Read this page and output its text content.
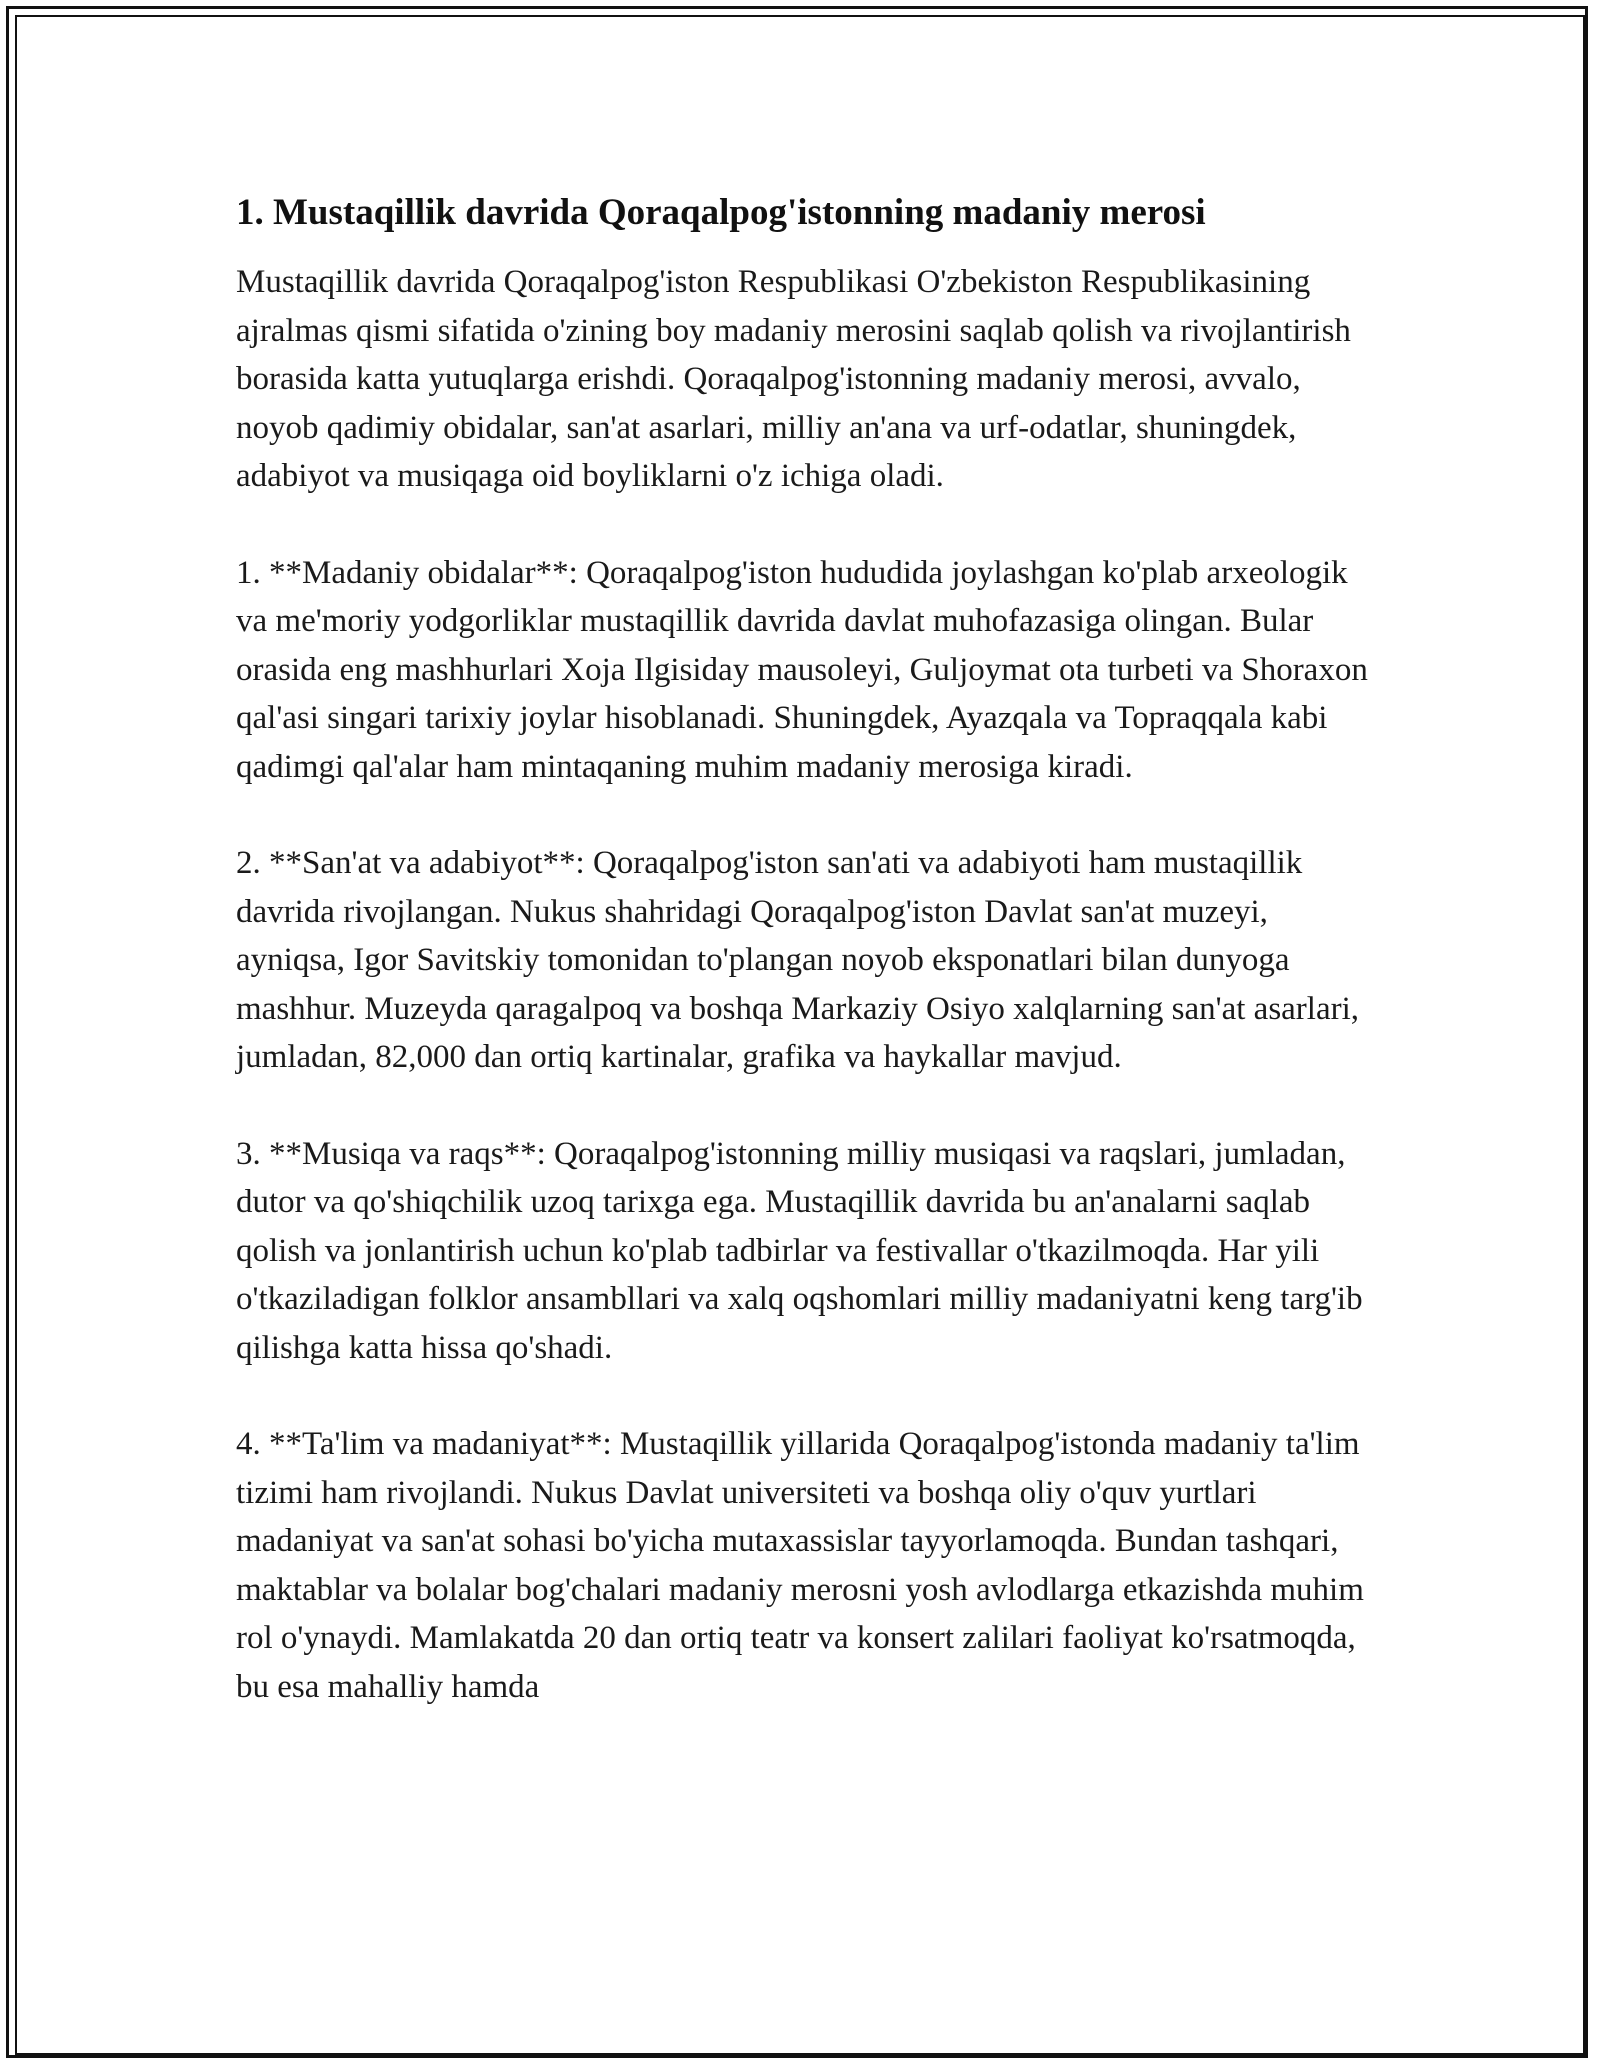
1. Mustaqillik davrida Qoraqalpog'istonning madaniy merosi

Mustaqillik davrida Qoraqalpog'iston Respublikasi O'zbekiston Respublikasining ajralmas qismi sifatida o'zining boy madaniy merosini saqlab qolish va rivojlantirish borasida katta yutuqlarga erishdi. Qoraqalpog'istonning madaniy merosi, avvalo, noyob qadimiy obidalar, san'at asarlari, milliy an'ana va urf-odatlar, shuningdek, adabiyot va musiqaga oid boyliklarni o'z ichiga oladi.

1. **Madaniy obidalar**: Qoraqalpog'iston hududida joylashgan ko'plab arxeologik va me'moriy yodgorliklar mustaqillik davrida davlat muhofazasiga olingan. Bular orasida eng mashhurlari Xoja Ilgisiday mausoleyi, Guljoymat ota turbeti va Shoraxon qal'asi singari tarixiy joylar hisoblanadi. Shuningdek, Ayazqala va Topraqqala kabi qadimgi qal'alar ham mintaqaning muhim madaniy merosiga kiradi.

2. **San'at va adabiyot**: Qoraqalpog'iston san'ati va adabiyoti ham mustaqillik davrida rivojlangan. Nukus shahridagi Qoraqalpog'iston Davlat san'at muzeyi, ayniqsa, Igor Savitskiy tomonidan to'plangan noyob eksponatlari bilan dunyoga mashhur. Muzeyda qaragalpoq va boshqa Markaziy Osiyo xalqlarning san'at asarlari, jumladan, 82,000 dan ortiq kartinalar, grafika va haykallar mavjud.

3. **Musiqa va raqs**: Qoraqalpog'istonning milliy musiqasi va raqslari, jumladan, dutor va qo'shiqchilik uzoq tarixga ega. Mustaqillik davrida bu an'analarni saqlab qolish va jonlantirish uchun ko'plab tadbirlar va festivallar o'tkazilmoqda. Har yili o'tkaziladigan folklor ansambllari va xalq oqshomlari milliy madaniyatni keng targ'ib qilishga katta hissa qo'shadi.

4. **Ta'lim va madaniyat**: Mustaqillik yillarida Qoraqalpog'istonda madaniy ta'lim tizimi ham rivojlandi. Nukus Davlat universiteti va boshqa oliy o'quv yurtlari madaniyat va san'at sohasi bo'yicha mutaxassislar tayyorlamoqda. Bundan tashqari, maktablar va bolalar bog'chalari madaniy merosni yosh avlodlarga etkazishda muhim rol o'ynaydi. Mamlakatda 20 dan ortiq teatr va konsert zalilari faoliyat ko'rsatmoqda, bu esa mahalliy hamda
